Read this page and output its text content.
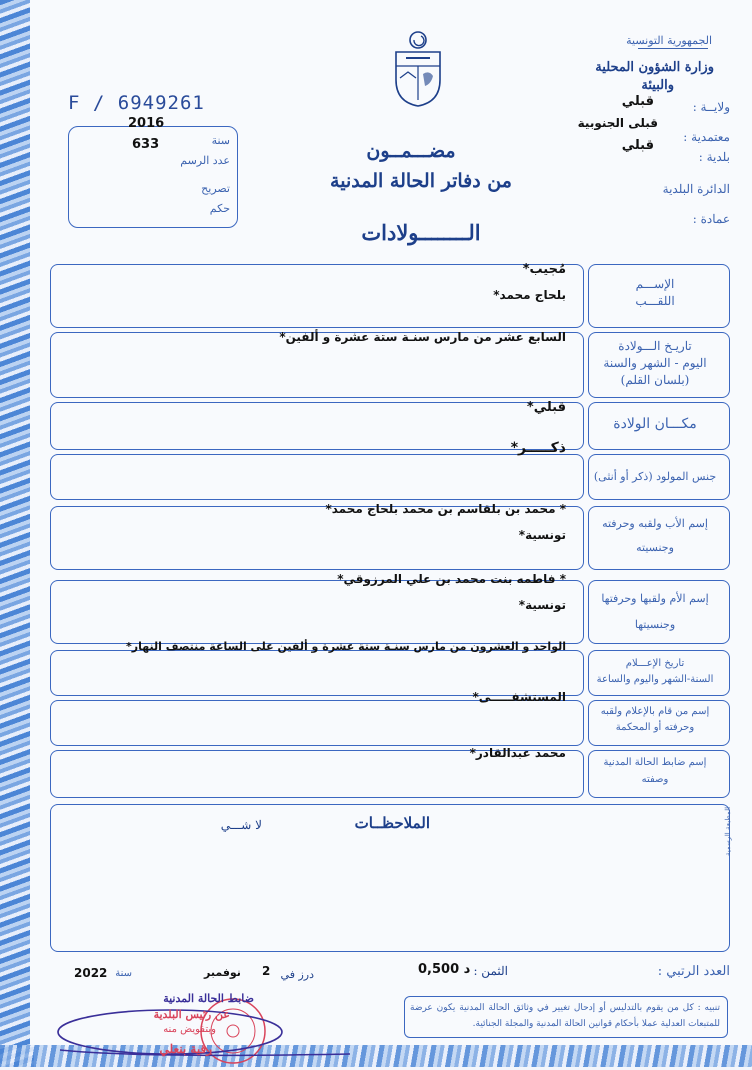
الجمهورية التونسية
وزارة الشؤون المحلية
والبيئة
ولايــة :
قبلي
معتمدية :
قبلى الجنوبية
بلدية :
قبلي
الدائرة البلدية
عمادة :
F / 6949261
سنة
2016
عدد الرسم
633
تصريح
حكم
مضـــمــون
من دفاتر الحالة المدنية
الــــــــولادات
الإســـم
اللقـــب
مُجيب*
بلحاج محمد*
تاريـخ الـــولادة
اليوم - الشهر والسنة
(بلسان القلم)
السابع عشر من مارس سنـة ستة عشرة و ألفين*
مكـــان الولادة
قبلي*
جنس المولود (ذكر أو أنثى)
ذكـــــر*
إسم الأب ولقبه وحرفته
وجنسيته
* محمد بن بلقاسم بن محمد بلحاج محمد*
تونسية*
إسم الأم ولقبها وحرفتها
وجنسيتها
* فاطمه بنت محمد بن علي المرزوقي*
تونسية*
تاريخ الإعـــلام
السنة-الشهر واليوم والساعة
الواحد و العشرون من مارس سنـة ستة عشرة و ألفين على الساعة منتصف النهار*
إسم من قام بالإعلام ولقبه
وحرفته أو المحكمة
المستشفـــــى*
إسم ضابط الحالة المدنية
وصفته
محمد عبدالقادر*
الملاحظــات
لا شـــي	المطبعة الرسمية
العدد الرتبي :
الثمن :
0,500 د
درز في
2
نوفمبر
سنة
2022
تنبيه : كل من يقوم بالتدليس أو إدحال تغيير في وثائق الحالة المدنية يكون عرضة للمتبعات العدلية عملا بأحكام قوانين الحالة المدنية والمجلة الجنائية.
ضابط الحالة المدنية
عن رئيس البلدية
وبتفويض منه
رقية بنعلي
